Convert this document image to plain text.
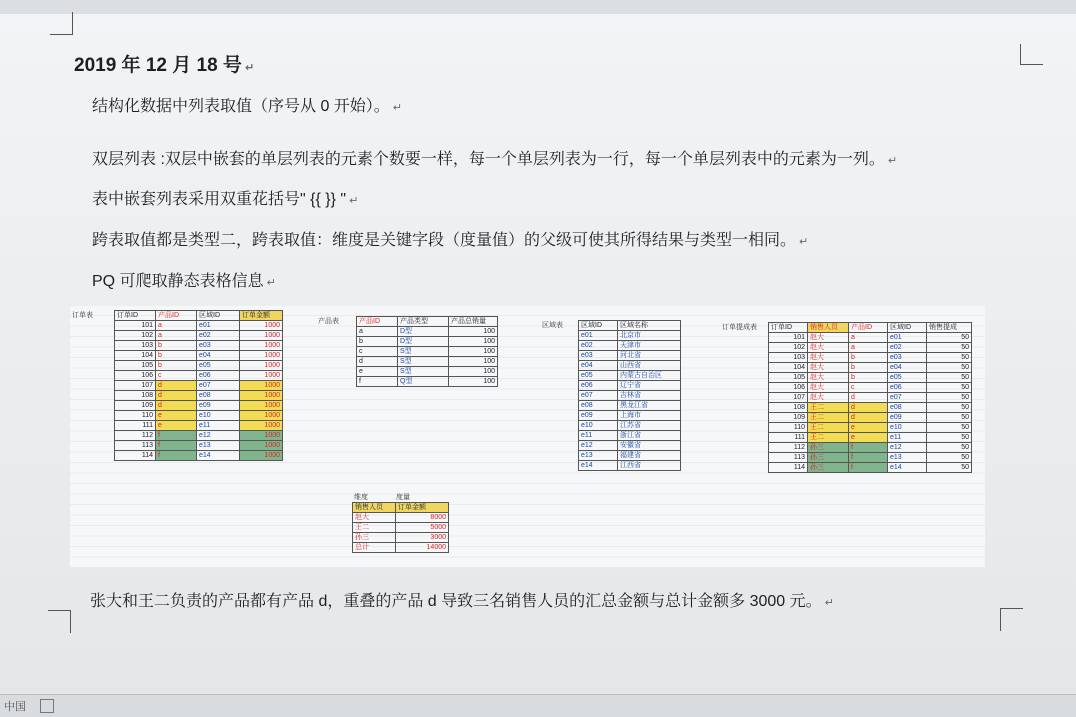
2019 年 12 月 18 号 ↵
结构化数据中列表取值（序号从 0 开始）。 ↵
双层列表 :双层中嵌套的单层列表的元素个数要一样，每一个单层列表为一行，每一个单层列表中的元素为一列。 ↵
表中嵌套列表采用双重花括号" {{ }} " ↵
跨表取值都是类型二，跨表取值：维度是关键字段（度量值）的父级可使其所得结果与类型一相同。 ↵
PQ 可爬取静态表格信息 ↵
订单表	订单ID	产品ID	区域ID	订单金额
101	a	e01	1000
102	a	e02	1000
103	b	e03	1000
104	b	e04	1000
105	b	e05	1000
106	c	e06	1000
107	d	e07	1000
108	d	e08	1000
109	d	e09	1000
110	e	e10	1000
111	e	e11	1000
112	f	e12	1000
113	f	e13	1000
114	f	e14	1000
产品表	产品ID	产品类型	产品总销量
a	D型	100
b	D型	100
c	S型	100
d	S型	100
e	S型	100
f	Q型	100
区域表	区域ID	区域名称
e01	北京市
e02	天津市
e03	河北省
e04	山西省
e05	内蒙古自治区
e06	辽宁省
e07	吉林省
e08	黑龙江省
e09	上海市
e10	江苏省
e11	浙江省
e12	安徽省
e13	福建省
e14	江西省
订单提成表 订单ID	销售人员	产品ID	区域ID	销售提成
101	赵大	a	e01	50
102	赵大	a	e02	50
103	赵大	b	e03	50
104	赵大	b	e04	50
105	赵大	b	e05	50
106	赵大	c	e06	50
107	赵大	d	e07	50
108	王二	d	e08	50
109	王二	d	e09	50
110	王二	e	e10	50
111	王二	e	e11	50
112	孙三	f	e12	50
113	孙三	f	e13	50
114	孙三	f	e14	50
维度	度量
销售人员	订单金额
赵大	8000
王二	5000
孙三	3000
总计	14000
张大和王二负责的产品都有产品 d，重叠的产品 d 导致三名销售人员的汇总金额与总计金额多 3000 元。 ↵
中国
